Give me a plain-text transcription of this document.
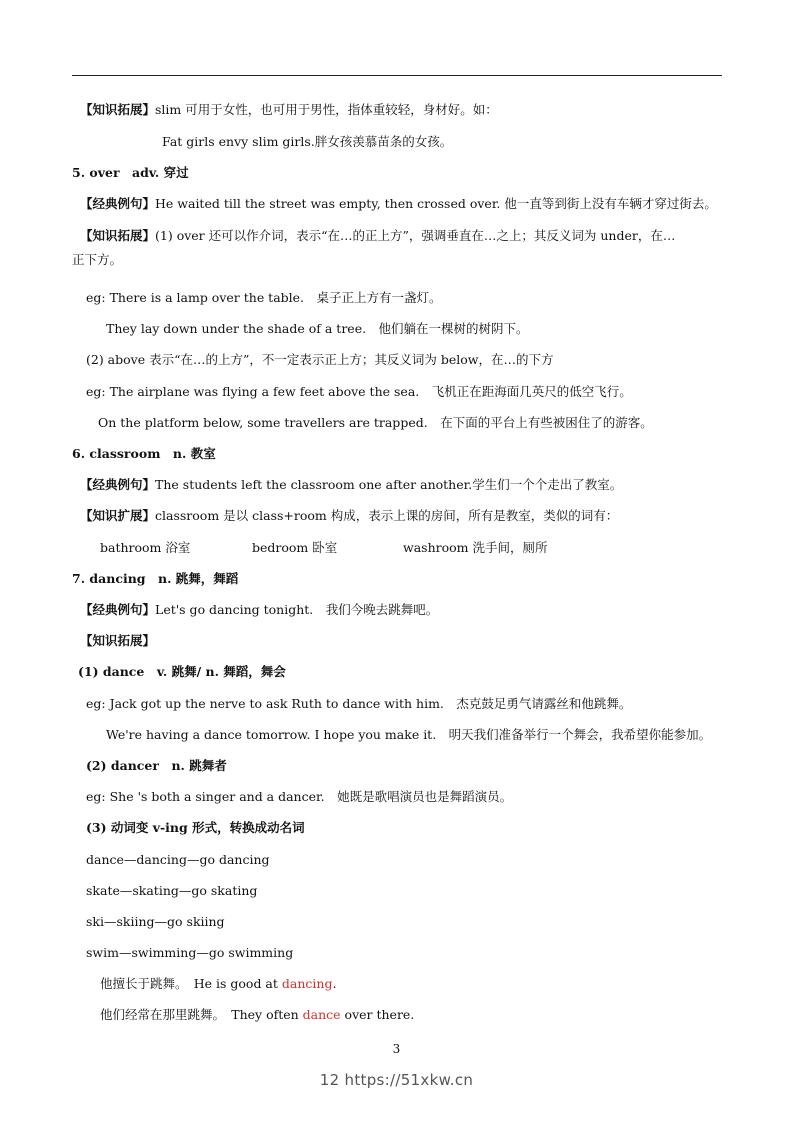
【知识拓展】slim 可用于女性，也可用于男性，指体重较轻，身材好。如：
Fat girls envy slim girls.胖女孩羡慕苗条的女孩。
5. over　adv. 穿过
【经典例句】He waited till the street was empty, then crossed over. 他一直等到街上没有车辆才穿过街去。
【知识拓展】(1) over 还可以作介词，表示“在…的正上方”，强调垂直在…之上；其反义词为 under，在…
正下方。
eg: There is a lamp over the table.　桌子正上方有一盏灯。
They lay down under the shade of a tree.　他们躺在一棵树的树阴下。
(2) above 表示“在…的上方”，不一定表示正上方；其反义词为 below，在…的下方
eg: The airplane was flying a few feet above the sea.　飞机正在距海面几英尺的低空飞行。
On the platform below, some travellers are trapped.　在下面的平台上有些被困住了的游客。
6. classroom　n. 教室
【经典例句】The students left the classroom one after another.学生们一个个走出了教室。
【知识扩展】classroom 是以 class+room 构成，表示上课的房间，所有是教室，类似的词有：
bathroom 浴室	bedroom 卧室	washroom 洗手间，厕所
7. dancing　n. 跳舞，舞蹈
【经典例句】Let's go dancing tonight.　我们今晚去跳舞吧。
【知识拓展】
(1) dance　v. 跳舞/ n. 舞蹈，舞会
eg: Jack got up the nerve to ask Ruth to dance with him.　杰克鼓足勇气请露丝和他跳舞。
We're having a dance tomorrow. I hope you make it.　明天我们准备举行一个舞会，我希望你能参加。
(2) dancer　n. 跳舞者
eg: She 's both a singer and a dancer.　她既是歌唱演员也是舞蹈演员。
(3) 动词变 v-ing 形式，转换成动名词
dance—dancing—go dancing
skate—skating—go skating
ski—skiing—go skiing
swim—swimming—go swimming
他擅长于跳舞。　He is good at dancing.
他们经常在那里跳舞。　They often dance over there.
3
12 https://51xkw.cn
